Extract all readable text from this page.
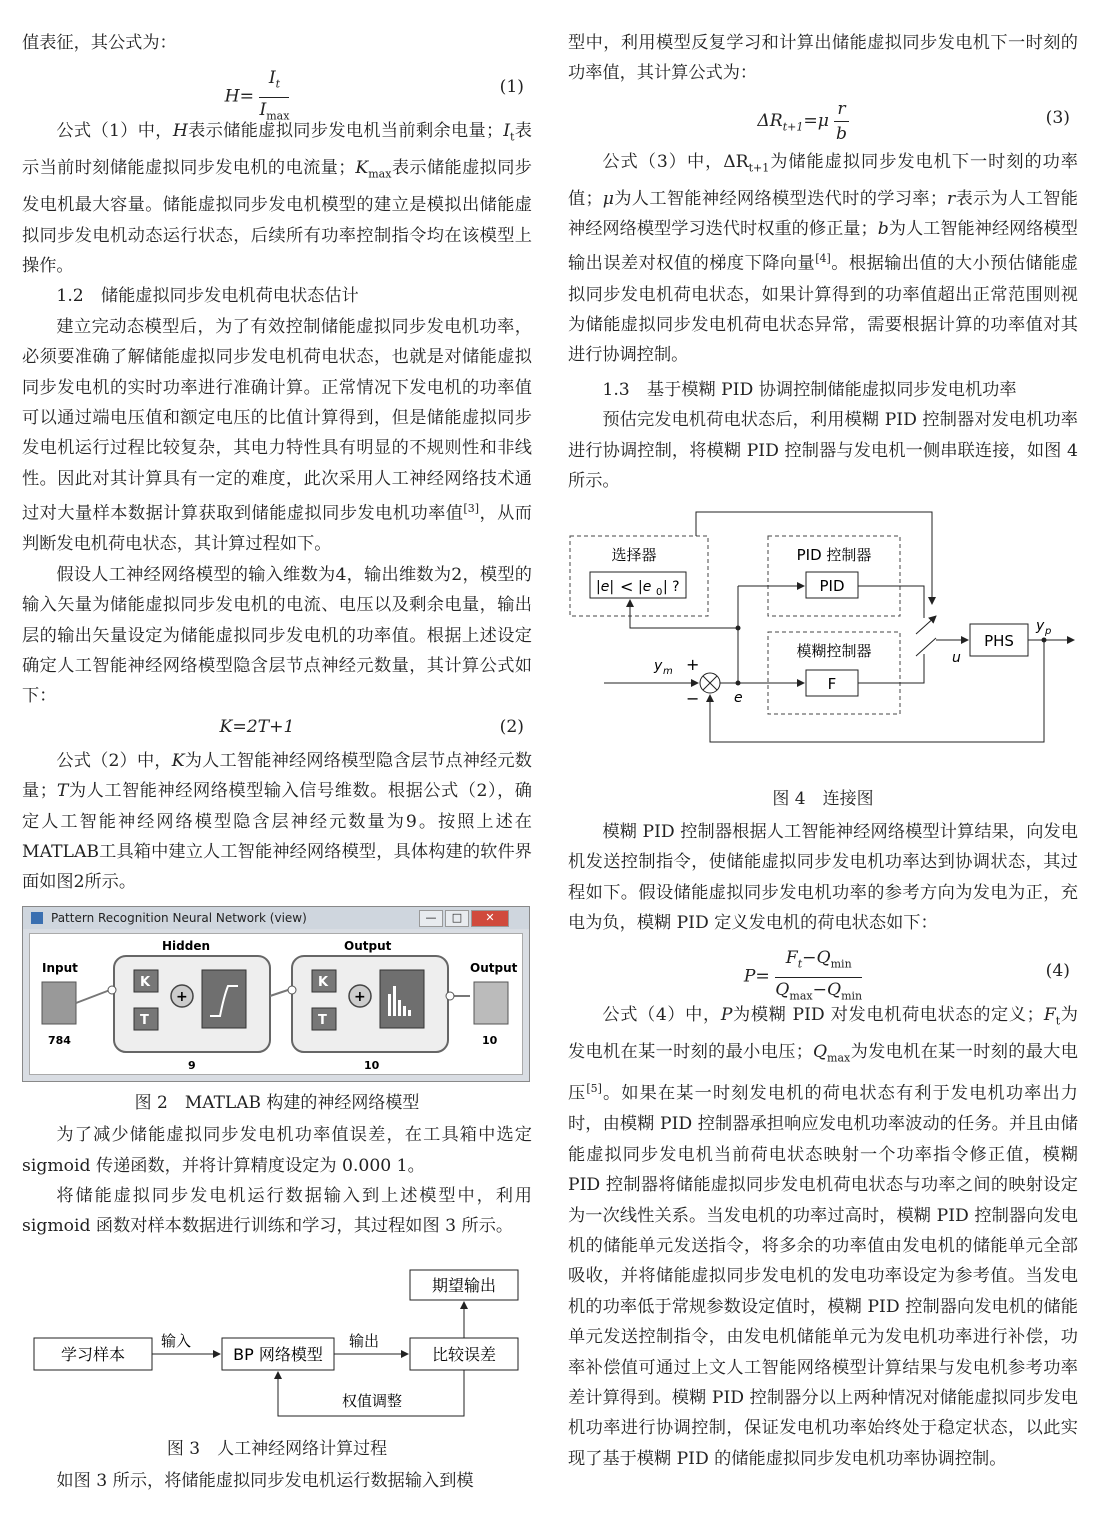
值表征，其公式为：

$H= \frac{I_t}{I_{max}}$	(1)

公式（1）中，H表示储能虚拟同步发电机当前剩余电量；$I_t$表示当前时刻储能虚拟同步发电机的电流量；$K_{max}$表示储能虚拟同步发电机最大容量。储能虚拟同步发电机模型的建立是模拟出储能虚拟同步发电机动态运行状态，后续所有功率控制指令均在该模型上操作。

1.2　储能虚拟同步发电机荷电状态估计

建立完动态模型后，为了有效控制储能虚拟同步发电机功率，必须要准确了解储能虚拟同步发电机荷电状态，也就是对储能虚拟同步发电机的实时功率进行准确计算。正常情况下发电机的功率值可以通过端电压值和额定电压的比值计算得到，但是储能虚拟同步发电机运行过程比较复杂，其电力特性具有明显的不规则性和非线性。因此对其计算具有一定的难度，此次采用人工神经网络技术通过对大量样本数据计算获取到储能虚拟同步发电机功率值[3]，从而判断发电机荷电状态，其计算过程如下。

假设人工神经网络模型的输入维数为4，输出维数为2，模型的输入矢量为储能虚拟同步发电机的电流、电压以及剩余电量，输出层的输出矢量设定为储能虚拟同步发电机的功率值。根据上述设定确定人工智能神经网络模型隐含层节点神经元数量，其计算公式如下：

K=2T+1	(2)

公式（2）中，K为人工智能神经网络模型隐含层节点神经元数量；T为人工智能神经网络模型输入信号维数。根据公式（2），确定人工智能神经网络模型隐含层神经元数量为9。按照上述在MATLAB工具箱中建立人工智能神经网络模型，具体构建的软件界面如图2所示。

Pattern Recognition Neural Network (view)	—	□	✕
Input
784
Hidden
K
T
+
9
Output
K
T
+
10
Output
10

图 2　MATLAB 构建的神经网络模型

为了减少储能虚拟同步发电机功率值误差，在工具箱中选定 sigmoid 传递函数，并将计算精度设定为 0.000 1。

将储能虚拟同步发电机运行数据输入到上述模型中，利用 sigmoid 函数对样本数据进行训练和学习，其过程如图 3 所示。

期望输出
学习样本
输入
BP 网络模型
输出
比较误差
权值调整

图 3　人工神经网络计算过程

如图 3 所示，将储能虚拟同步发电机运行数据输入到模

型中，利用模型反复学习和计算出储能虚拟同步发电机下一时刻的功率值，其计算公式为：

$\Delta R_{t+1}=\mu \frac{r}{b}$	(3)

公式（3）中，$\Delta R_{t+1}$为储能虚拟同步发电机下一时刻的功率值；μ为人工智能神经网络模型迭代时的学习率；r表示为人工智能神经网络模型学习迭代时权重的修正量；b为人工智能神经网络模型输出误差对权值的梯度下降向量[4]。根据输出值的大小预估储能虚拟同步发电机荷电状态，如果计算得到的功率值超出正常范围则视为储能虚拟同步发电机荷电状态异常，需要根据计算的功率值对其进行协调控制。

1.3　基于模糊 PID 协调控制储能虚拟同步发电机功率

预估完发电机荷电状态后，利用模糊 PID 控制器对发电机功率进行协调控制，将模糊 PID 控制器与发电机一侧串联连接，如图 4 所示。

选择器
|e| < |e 0 | ?
PID 控制器
PID
模糊控制器
F
PHS
y m +
− e
u
y p

图 4　连接图

模糊 PID 控制器根据人工智能神经网络模型计算结果，向发电机发送控制指令，使储能虚拟同步发电机功率达到协调状态，其过程如下。假设储能虚拟同步发电机功率的参考方向为发电为正，充电为负，模糊 PID 定义发电机的荷电状态如下：

$P= \frac{F_t-Q_{min}}{Q_{max}-Q_{min}}$	(4)

公式（4）中，P为模糊 PID 对发电机荷电状态的定义；$F_t$为发电机在某一时刻的最小电压；$Q_{max}$为发电机在某一时刻的最大电压[5]。如果在某一时刻发电机的荷电状态有利于发电机功率出力时，由模糊 PID 控制器承担响应发电机功率波动的任务。并且由储能虚拟同步发电机当前荷电状态映射一个功率指令修正值，模糊 PID 控制器将储能虚拟同步发电机荷电状态与功率之间的映射设定为一次线性关系。当发电机的功率过高时，模糊 PID 控制器向发电机的储能单元发送指令，将多余的功率值由发电机的储能单元全部吸收，并将储能虚拟同步发电机的发电功率设定为参考值。当发电机的功率低于常规参数设定值时，模糊 PID 控制器向发电机的储能单元发送控制指令，由发电机储能单元为发电机功率进行补偿，功率补偿值可通过上文人工智能网络模型计算结果与发电机参考功率差计算得到。模糊 PID 控制器分以上两种情况对储能虚拟同步发电机功率进行协调控制，保证发电机功率始终处于稳定状态，以此实现了基于模糊 PID 的储能虚拟同步发电机功率协调控制。
